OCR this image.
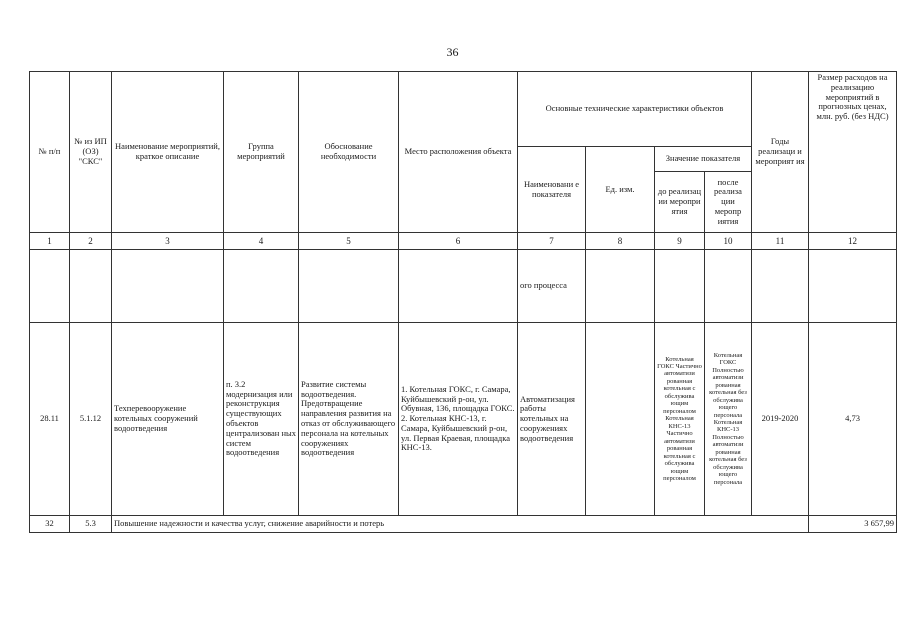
36
№ п/п	№ из ИП (ОЗ) "СКС"	Наименование мероприятий, краткое описание	Группа мероприятий	Обоснование необходимости	Место расположения объекта	Основные технические характеристики объектов				Годы реализаци и мероприят ия	Размер расходов на реализацию мероприятий в прогнозных ценах, млн. руб. (без НДС)
						Наименовани е показателя	Ед. изм.	Значение показателя			
								до реализац ии меропри ятия	после реализа ции меропр иятия		
1	2	3	4	5	6	7	8	9	10	11	12
						ого процесса					
28.11	5.1.12	Техперевооружение котельных сооружений водоотведения	п. 3.2 модернизация или реконструкция существующих объектов централизован ных систем водоотведения	Развитие системы водоотведения. Предотвращение направления развития на отказ от обслуживающего персонала на котельных сооружениях водоотведения	1. Котельная ГОКС, г. Самара, Куйбышевский р-он, ул. Обувная, 136, площадка ГОКС. 2. Котельная КНС-13, г. Самара, Куйбышевский р-он, ул. Первая Краевая, площадка КНС-13.	Автоматизация работы котельных на сооружениях водоотведения		Котельная ГОКС Частично автоматизи рованная котельная с обслужива ющим персоналом Котельная КНС-13 Частично автоматизи рованная котельная с обслужива ющим персоналом	Котельная ГОКС Полностью автоматизи рованная котельная без обслужива ющего персонала Котельная КНС-13 Полностью автоматизи рованная котельная без обслужива ющего персонала	2019-2020	4,73
32	5.3	Повышение надежности и качества услуг, снижение аварийности и потерь									3 657,99
